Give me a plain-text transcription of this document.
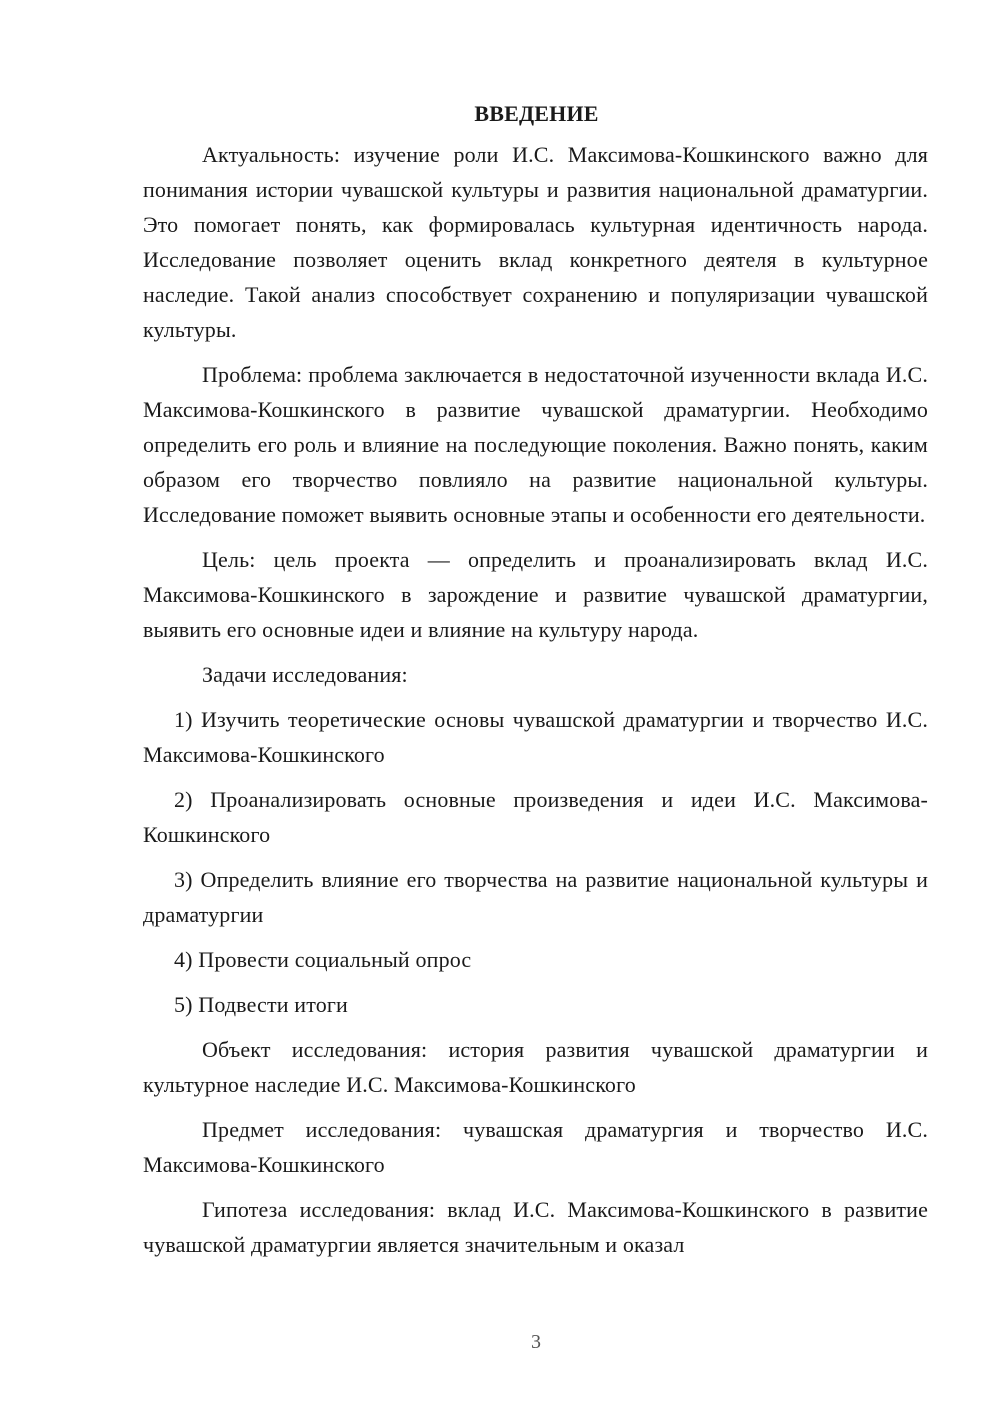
ВВЕДЕНИЕ

Актуальность: изучение роли И.С. Максимова-Кошкинского важно для понимания истории чувашской культуры и развития национальной драматургии. Это помогает понять, как формировалась культурная идентичность народа. Исследование позволяет оценить вклад конкретного деятеля в культурное наследие. Такой анализ способствует сохранению и популяризации чувашской культуры.

Проблема: проблема заключается в недостаточной изученности вклада И.С. Максимова-Кошкинского в развитие чувашской драматургии. Необходимо определить его роль и влияние на последующие поколения. Важно понять, каким образом его творчество повлияло на развитие национальной культуры. Исследование поможет выявить основные этапы и особенности его деятельности.

Цель: цель проекта — определить и проанализировать вклад И.С. Максимова-Кошкинского в зарождение и развитие чувашской драматургии, выявить его основные идеи и влияние на культуру народа.

Задачи исследования:

1) Изучить теоретические основы чувашской драматургии и творчество И.С. Максимова-Кошкинского

2) Проанализировать основные произведения и идеи И.С. Максимова-Кошкинского

3) Определить влияние его творчества на развитие национальной культуры и драматургии

4) Провести социальный опрос

5) Подвести итоги

Объект исследования: история развития чувашской драматургии и культурное наследие И.С. Максимова-Кошкинского

Предмет исследования: чувашская драматургия и творчество И.С. Максимова-Кошкинского

Гипотеза исследования: вклад И.С. Максимова-Кошкинского в развитие чувашской драматургии является значительным и оказал

3
